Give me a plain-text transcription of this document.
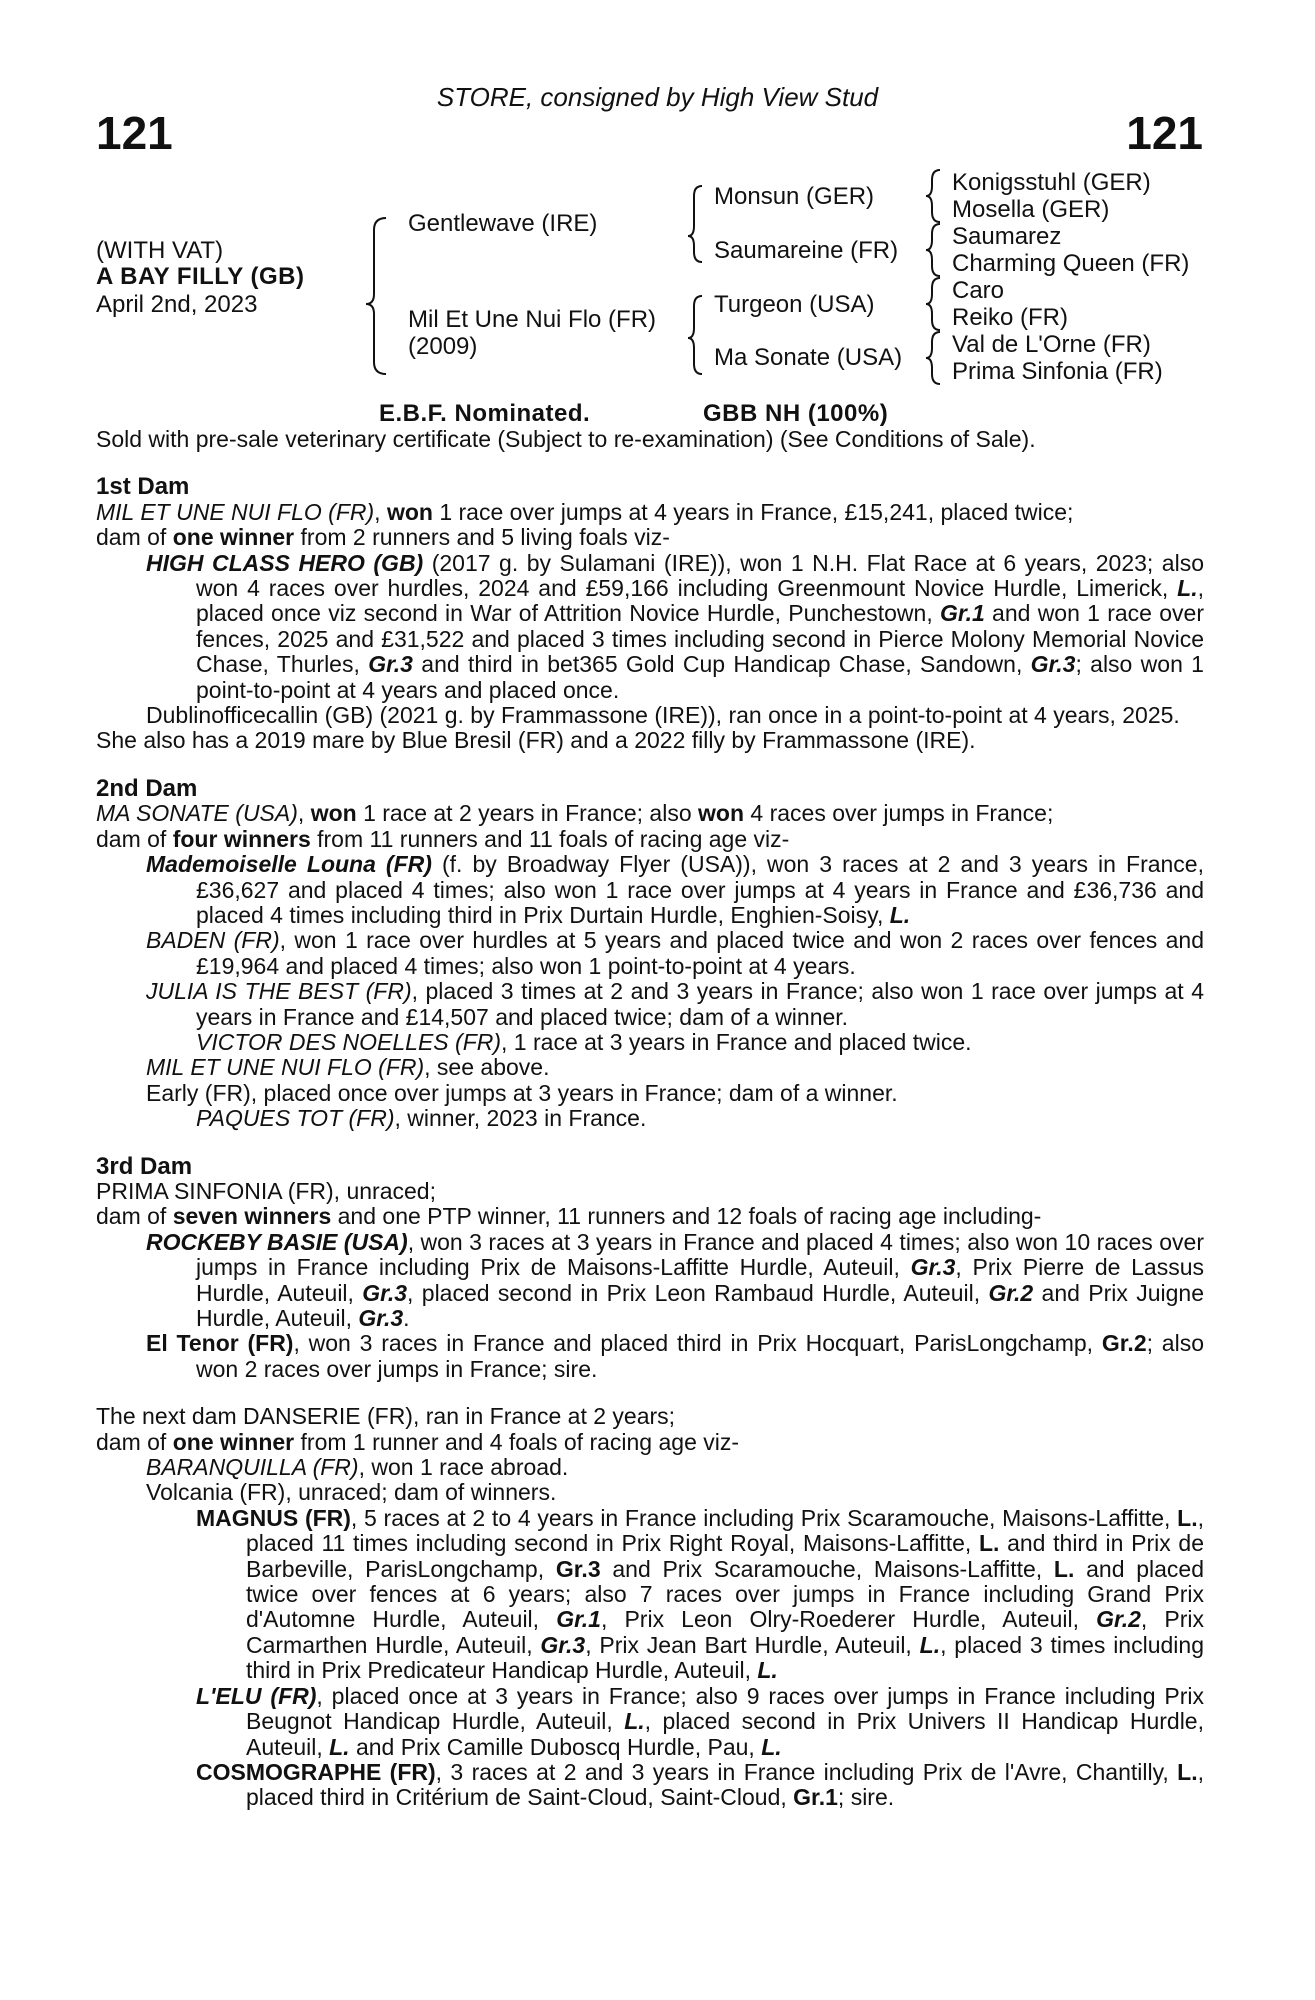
121
STORE, consigned by High View Stud
121
(WITH VAT)
A BAY FILLY (GB)
April 2nd, 2023
Gentlewave (IRE)
Mil Et Une Nui Flo (FR)
(2009)
Monsun (GER)
Saumareine (FR)
Turgeon (USA)
Ma Sonate (USA)
Konigsstuhl (GER)
Mosella (GER)
Saumarez
Charming Queen (FR)
Caro
Reiko (FR)
Val de L'Orne (FR)
Prima Sinfonia (FR)
E.B.F. Nominated.	GBB NH (100%)

Sold with pre-sale veterinary certificate (Subject to re-examination) (See Conditions of Sale).

1st Dam

MIL ET UNE NUI FLO (FR), won 1 race over jumps at 4 years in France, £15,241, placed twice;

dam of one winner from 2 runners and 5 living foals viz-

HIGH CLASS HERO (GB) (2017 g. by Sulamani (IRE)), won 1 N.H. Flat Race at 6 years, 2023; also won 4 races over hurdles, 2024 and £59,166 including Greenmount Novice Hurdle, Limerick, L., placed once viz second in War of Attrition Novice Hurdle, Punchestown, Gr.1 and won 1 race over fences, 2025 and £31,522 and placed 3 times including second in Pierce Molony Memorial Novice Chase, Thurles, Gr.3 and third in bet365 Gold Cup Handicap Chase, Sandown, Gr.3; also won 1 point-to-point at 4 years and placed once.

Dublinofficecallin (GB) (2021 g. by Frammassone (IRE)), ran once in a point-to-point at 4 years, 2025.

She also has a 2019 mare by Blue Bresil (FR) and a 2022 filly by Frammassone (IRE).

2nd Dam

MA SONATE (USA), won 1 race at 2 years in France; also won 4 races over jumps in France;

dam of four winners from 11 runners and 11 foals of racing age viz-

Mademoiselle Louna (FR) (f. by Broadway Flyer (USA)), won 3 races at 2 and 3 years in France, £36,627 and placed 4 times; also won 1 race over jumps at 4 years in France and £36,736 and placed 4 times including third in Prix Durtain Hurdle, Enghien-Soisy, L.

BADEN (FR), won 1 race over hurdles at 5 years and placed twice and won 2 races over fences and £19,964 and placed 4 times; also won 1 point-to-point at 4 years.

JULIA IS THE BEST (FR), placed 3 times at 2 and 3 years in France; also won 1 race over jumps at 4 years in France and £14,507 and placed twice; dam of a winner.

VICTOR DES NOELLES (FR), 1 race at 3 years in France and placed twice.

MIL ET UNE NUI FLO (FR), see above.

Early (FR), placed once over jumps at 3 years in France; dam of a winner.

PAQUES TOT (FR), winner, 2023 in France.

3rd Dam

PRIMA SINFONIA (FR), unraced;

dam of seven winners and one PTP winner, 11 runners and 12 foals of racing age including-

ROCKEBY BASIE (USA), won 3 races at 3 years in France and placed 4 times; also won 10 races over jumps in France including Prix de Maisons-Laffitte Hurdle, Auteuil, Gr.3, Prix Pierre de Lassus Hurdle, Auteuil, Gr.3, placed second in Prix Leon Rambaud Hurdle, Auteuil, Gr.2 and Prix Juigne Hurdle, Auteuil, Gr.3.

El Tenor (FR), won 3 races in France and placed third in Prix Hocquart, ParisLongchamp, Gr.2; also won 2 races over jumps in France; sire.

The next dam DANSERIE (FR), ran in France at 2 years;

dam of one winner from 1 runner and 4 foals of racing age viz-

BARANQUILLA (FR), won 1 race abroad.

Volcania (FR), unraced; dam of winners.

MAGNUS (FR), 5 races at 2 to 4 years in France including Prix Scaramouche, Maisons-Laffitte, L., placed 11 times including second in Prix Right Royal, Maisons-Laffitte, L. and third in Prix de Barbeville, ParisLongchamp, Gr.3 and Prix Scaramouche, Maisons-Laffitte, L. and placed twice over fences at 6 years; also 7 races over jumps in France including Grand Prix d'Automne Hurdle, Auteuil, Gr.1, Prix Leon Olry-Roederer Hurdle, Auteuil, Gr.2, Prix Carmarthen Hurdle, Auteuil, Gr.3, Prix Jean Bart Hurdle, Auteuil, L., placed 3 times including third in Prix Predicateur Handicap Hurdle, Auteuil, L.

L'ELU (FR), placed once at 3 years in France; also 9 races over jumps in France including Prix Beugnot Handicap Hurdle, Auteuil, L., placed second in Prix Univers II Handicap Hurdle, Auteuil, L. and Prix Camille Duboscq Hurdle, Pau, L.

COSMOGRAPHE (FR), 3 races at 2 and 3 years in France including Prix de l'Avre, Chantilly, L., placed third in Critérium de Saint-Cloud, Saint-Cloud, Gr.1; sire.
